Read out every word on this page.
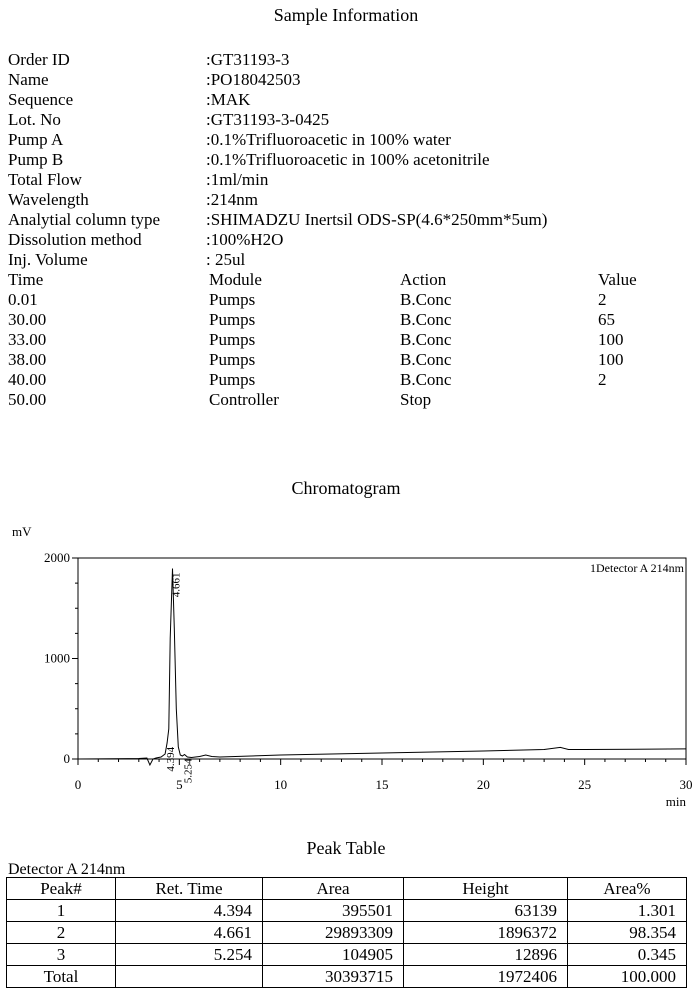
Sample Information
Order ID	:GT31193-3
Name	:PO18042503
Sequence	:MAK
Lot. No	:GT31193-3-0425
Pump A	:0.1%Trifluoroacetic in 100% water
Pump B	:0.1%Trifluoroacetic in 100% acetonitrile
Total Flow	:1ml/min
Wavelength	:214nm
Analytial column type	:SHIMADZU Inertsil ODS-SP(4.6*250mm*5um)
Dissolution method	:100%H2O
Inj. Volume	: 25ul
Time	Module	Action	Value
0.01	Pumps	B.Conc	2
30.00	Pumps	B.Conc	65
33.00	Pumps	B.Conc	100
38.00	Pumps	B.Conc	100
40.00	Pumps	B.Conc	2
50.00	Controller	Stop
Chromatogram
mV
min
0
1000
2000
0	5	10	15	20	25	30
4.661
4.394 5.254
1Detector A 214nm
Peak Table
Detector A 214nm
Peak#	Ret. Time	Area	Height	Area%
1	4.394	395501	63139	1.301
2	4.661	29893309	1896372	98.354
3	5.254	104905	12896	0.345
Total		30393715	1972406	100.000
